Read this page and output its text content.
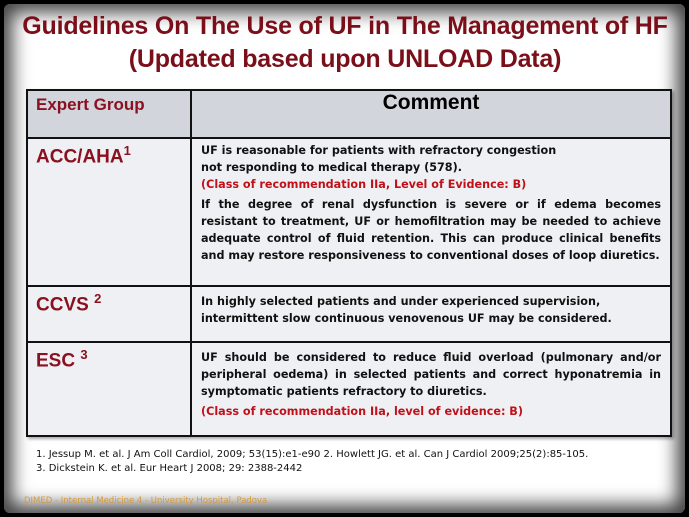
Guidelines On The Use of UF in The Management of HF (Updated based upon UNLOAD Data)
Expert Group	Comment
ACC/AHA$^1$	UF is reasonable for patients with refractory congestion

not responding to medical therapy (578).

(Class of recommendation IIa, Level of Evidence: B)

If the degree of renal dysfunction is severe or if edema becomes resistant to treatment, UF or hemofiltration may be needed to achieve adequate control of fluid retention. This can produce clinical benefits and may restore responsiveness to conventional doses of loop diuretics.

CCVS $^2$	In highly selected patients and under experienced supervision,

intermittent slow continuous venovenous UF may be considered.

ESC $^3$	UF should be considered to reduce fluid overload (pulmonary and/or peripheral oedema) in selected patients and correct hyponatremia in symptomatic patients refractory to diuretics.

(Class of recommendation IIa, level of evidence: B)

1. Jessup M. et al. J Am Coll Cardiol, 2009; 53(15):e1-e90 2. Howlett JG. et al. Can J Cardiol 2009;25(2):85-105.

3. Dickstein K. et al. Eur Heart J 2008; 29: 2388-2442

DIMED - Internal Medicine 4 - University Hospital, Padova
